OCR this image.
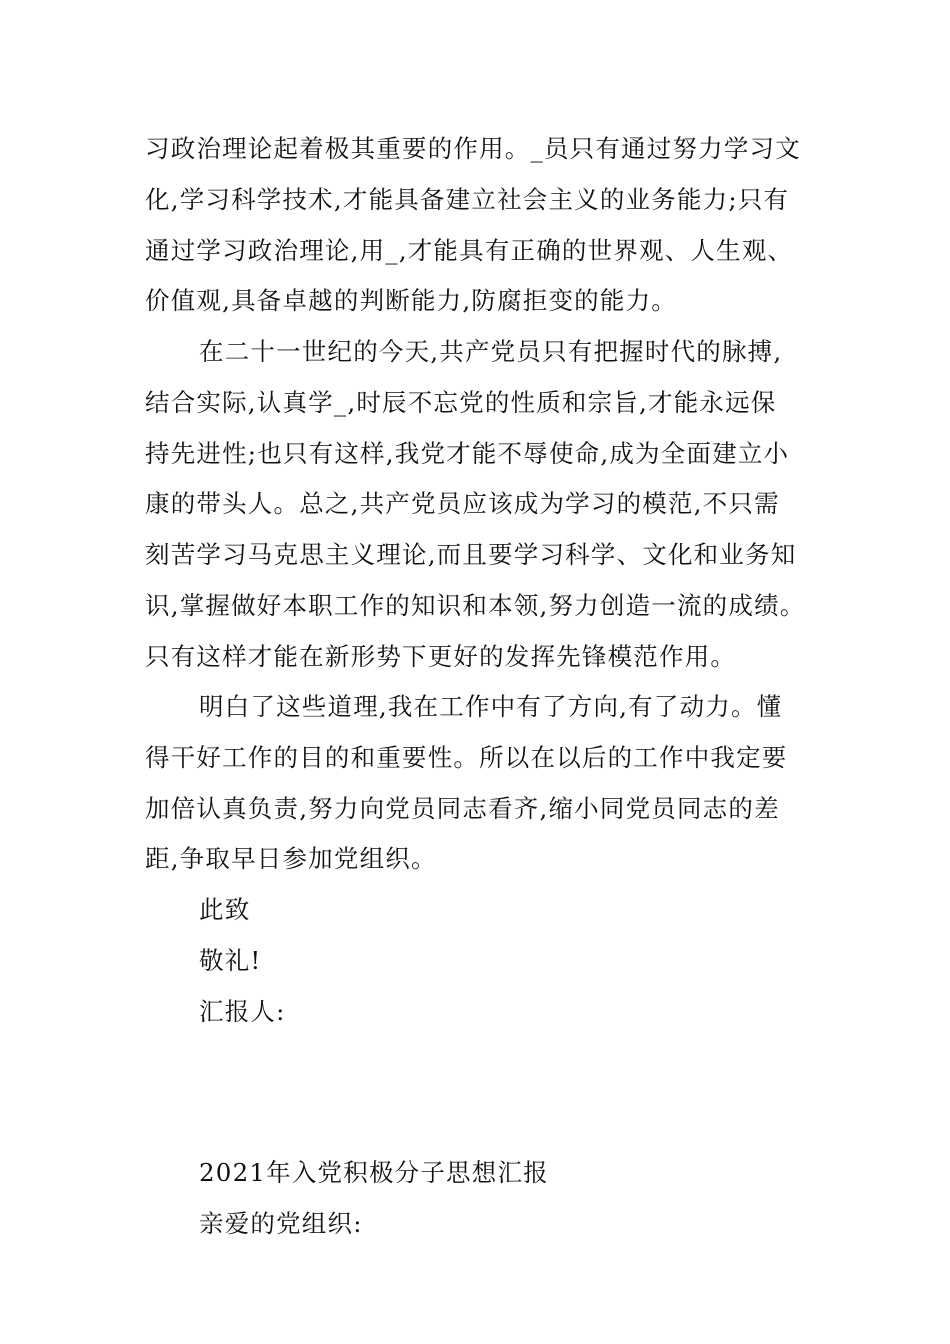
习政治理论起着极其重要的作用。_员只有通过努力学习文
化,学习科学技术,才能具备建立社会主义的业务能力;只有
通过学习政治理论,用_,才能具有正确的世界观、人生观、
价值观,具备卓越的判断能力,防腐拒变的能力。
在二十一世纪的今天,共产党员只有把握时代的脉搏,
结合实际,认真学_,时辰不忘党的性质和宗旨,才能永远保
持先进性;也只有这样,我党才能不辱使命,成为全面建立小
康的带头人。总之,共产党员应该成为学习的模范,不只需
刻苦学习马克思主义理论,而且要学习科学、文化和业务知
识,掌握做好本职工作的知识和本领,努力创造一流的成绩。
只有这样才能在新形势下更好的发挥先锋模范作用。
明白了这些道理,我在工作中有了方向,有了动力。懂
得干好工作的目的和重要性。所以在以后的工作中我定要
加倍认真负责,努力向党员同志看齐,缩小同党员同志的差
距,争取早日参加党组织。
此致
敬礼!
汇报人:
2021年入党积极分子思想汇报
亲爱的党组织:
